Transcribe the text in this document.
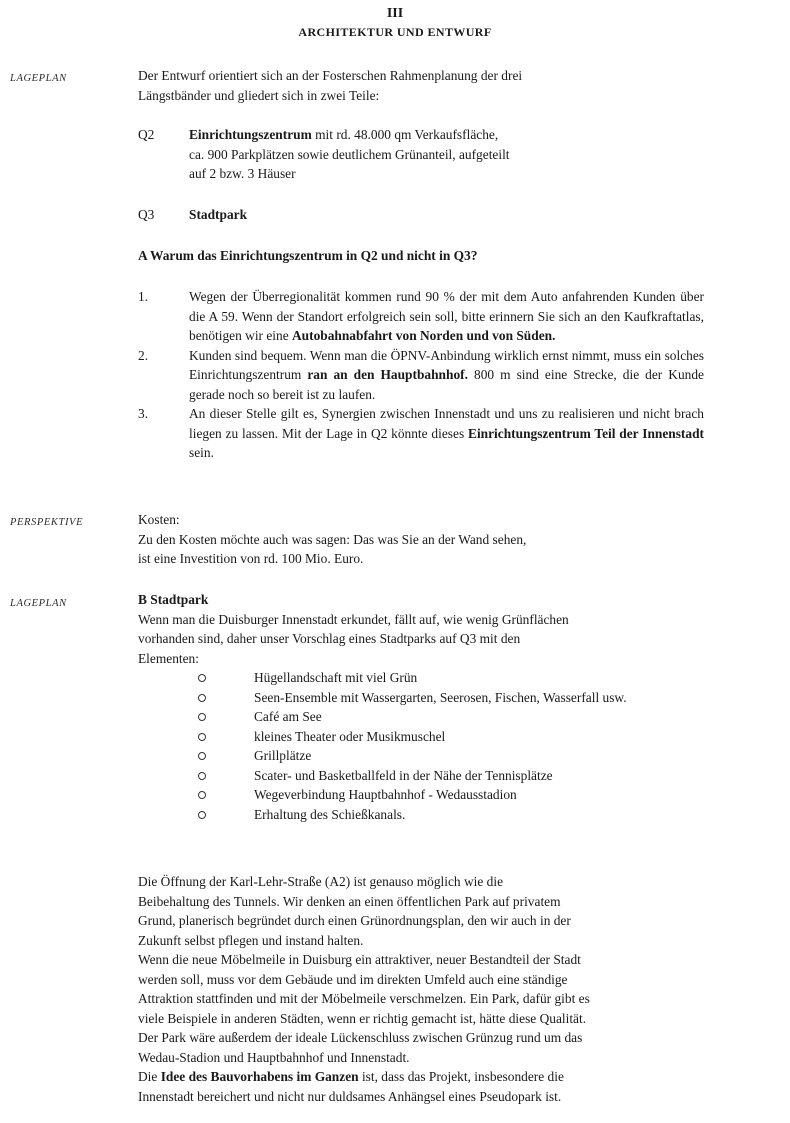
III
ARCHITEKTUR UND ENTWURF
LAGEPLAN	Der Entwurf orientiert sich an der Fosterschen Rahmenplanung der drei
Längstbänder und gliedert sich in zwei Teile:
Q2	Einrichtungszentrum mit rd. 48.000 qm Verkaufsfläche,
ca. 900 Parkplätzen sowie deutlichem Grünanteil, aufgeteilt
auf 2 bzw. 3 Häuser
Q3	Stadtpark
A Warum das Einrichtungszentrum in Q2 und nicht in Q3?
1.	Wegen der Überregionalität kommen rund 90 % der mit dem Auto anfahrenden Kunden über die A 59. Wenn der Standort erfolgreich sein soll, bitte erinnern Sie sich an den Kaufkraftatlas, benötigen wir eine Autobahnabfahrt von Norden und von Süden.
2.	Kunden sind bequem. Wenn man die ÖPNV-Anbindung wirklich ernst nimmt, muss ein solches Einrichtungszentrum ran an den Hauptbahnhof. 800 m sind eine Strecke, die der Kunde gerade noch so bereit ist zu laufen.
3.	An dieser Stelle gilt es, Synergien zwischen Innenstadt und uns zu realisieren und nicht brach liegen zu lassen. Mit der Lage in Q2 könnte dieses Einrichtungszentrum Teil der Innenstadt sein.
PERSPEKTIVE	Kosten:
Zu den Kosten möchte auch was sagen: Das was Sie an der Wand sehen,
ist eine Investition von rd. 100 Mio. Euro.
LAGEPLAN	B Stadtpark
Wenn man die Duisburger Innenstadt erkundet, fällt auf, wie wenig Grünflächen
vorhanden sind, daher unser Vorschlag eines Stadtparks auf Q3 mit den
Elementen:
Hügellandschaft mit viel Grün
Seen-Ensemble mit Wassergarten, Seerosen, Fischen, Wasserfall usw.
Café am See
kleines Theater oder Musikmuschel
Grillplätze
Scater- und Basketballfeld in der Nähe der Tennisplätze
Wegeverbindung Hauptbahnhof - Wedausstadion
Erhaltung des Schießkanals.
Die Öffnung der Karl-Lehr-Straße (A2) ist genauso möglich wie die
Beibehaltung des Tunnels. Wir denken an einen öffentlichen Park auf privatem
Grund, planerisch begründet durch einen Grünordnungsplan, den wir auch in der
Zukunft selbst pflegen und instand halten.
Wenn die neue Möbelmeile in Duisburg ein attraktiver, neuer Bestandteil der Stadt
werden soll, muss vor dem Gebäude und im direkten Umfeld auch eine ständige
Attraktion stattfinden und mit der Möbelmeile verschmelzen. Ein Park, dafür gibt es
viele Beispiele in anderen Städten, wenn er richtig gemacht ist, hätte diese Qualität.
Der Park wäre außerdem der ideale Lückenschluss zwischen Grünzug rund um das
Wedau-Stadion und Hauptbahnhof und Innenstadt.
Die Idee des Bauvorhabens im Ganzen ist, dass das Projekt, insbesondere die
Innenstadt bereichert und nicht nur duldsames Anhängsel eines Pseudopark ist.
